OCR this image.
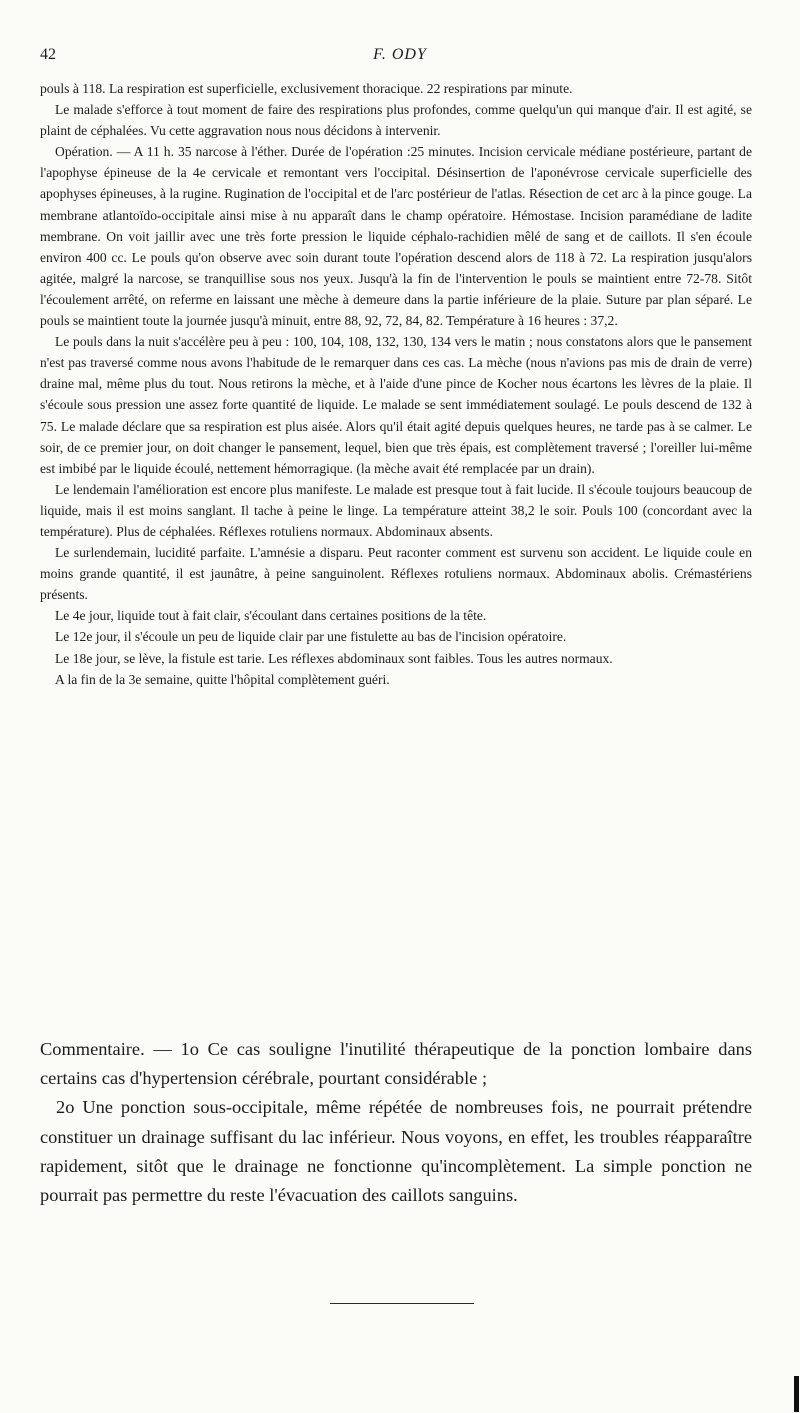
42	F. ODY

pouls à 118. La respiration est superficielle, exclusivement thoracique. 22 respirations par minute.

Le malade s'efforce à tout moment de faire des respirations plus profondes, comme quelqu'un qui manque d'air. Il est agité, se plaint de céphalées. Vu cette aggravation nous nous décidons à intervenir.

Opération. — A 11 h. 35 narcose à l'éther. Durée de l'opération :25 minutes. Incision cervicale médiane postérieure, partant de l'apophyse épineuse de la 4e cervicale et remontant vers l'occipital. Désinsertion de l'aponévrose cervicale superficielle des apophyses épineuses, à la rugine. Rugination de l'occipital et de l'arc postérieur de l'atlas. Résection de cet arc à la pince gouge. La membrane atlantoïdo-occipitale ainsi mise à nu apparaît dans le champ opératoire. Hémostase. Incision paramédiane de ladite membrane. On voit jaillir avec une très forte pression le liquide céphalo-rachidien mêlé de sang et de caillots. Il s'en écoule environ 400 cc. Le pouls qu'on observe avec soin durant toute l'opération descend alors de 118 à 72. La respiration jusqu'alors agitée, malgré la narcose, se tranquillise sous nos yeux. Jusqu'à la fin de l'intervention le pouls se maintient entre 72-78. Sitôt l'écoulement arrêté, on referme en laissant une mèche à demeure dans la partie inférieure de la plaie. Suture par plan séparé. Le pouls se maintient toute la journée jusqu'à minuit, entre 88, 92, 72, 84, 82. Température à 16 heures : 37,2.

Le pouls dans la nuit s'accélère peu à peu : 100, 104, 108, 132, 130, 134 vers le matin ; nous constatons alors que le pansement n'est pas traversé comme nous avons l'habitude de le remarquer dans ces cas. La mèche (nous n'avions pas mis de drain de verre) draine mal, même plus du tout. Nous retirons la mèche, et à l'aide d'une pince de Kocher nous écartons les lèvres de la plaie. Il s'écoule sous pression une assez forte quantité de liquide. Le malade se sent immédiatement soulagé. Le pouls descend de 132 à 75. Le malade déclare que sa respiration est plus aisée. Alors qu'il était agité depuis quelques heures, ne tarde pas à se calmer. Le soir, de ce premier jour, on doit changer le pansement, lequel, bien que très épais, est complètement traversé ; l'oreiller lui-même est imbibé par le liquide écoulé, nettement hémorragique. (la mèche avait été remplacée par un drain).

Le lendemain l'amélioration est encore plus manifeste. Le malade est presque tout à fait lucide. Il s'écoule toujours beaucoup de liquide, mais il est moins sanglant. Il tache à peine le linge. La température atteint 38,2 le soir. Pouls 100 (concordant avec la température). Plus de céphalées. Réflexes rotuliens normaux. Abdominaux absents.

Le surlendemain, lucidité parfaite. L'amnésie a disparu. Peut raconter comment est survenu son accident. Le liquide coule en moins grande quantité, il est jaunâtre, à peine sanguinolent. Réflexes rotuliens normaux. Abdominaux abolis. Crémastériens présents.

Le 4e jour, liquide tout à fait clair, s'écoulant dans certaines positions de la tête.

Le 12e jour, il s'écoule un peu de liquide clair par une fistulette au bas de l'incision opératoire.

Le 18e jour, se lève, la fistule est tarie. Les réflexes abdominaux sont faibles. Tous les autres normaux.

A la fin de la 3e semaine, quitte l'hôpital complètement guéri.

Commentaire. — 1o Ce cas souligne l'inutilité thérapeutique de la ponction lombaire dans certains cas d'hypertension cérébrale, pourtant considérable ;

2o Une ponction sous-occipitale, même répétée de nombreuses fois, ne pourrait prétendre constituer un drainage suffisant du lac inférieur. Nous voyons, en effet, les troubles réapparaître rapidement, sitôt que le drainage ne fonctionne qu'incomplètement. La simple ponction ne pourrait pas permettre du reste l'évacuation des caillots sanguins.
